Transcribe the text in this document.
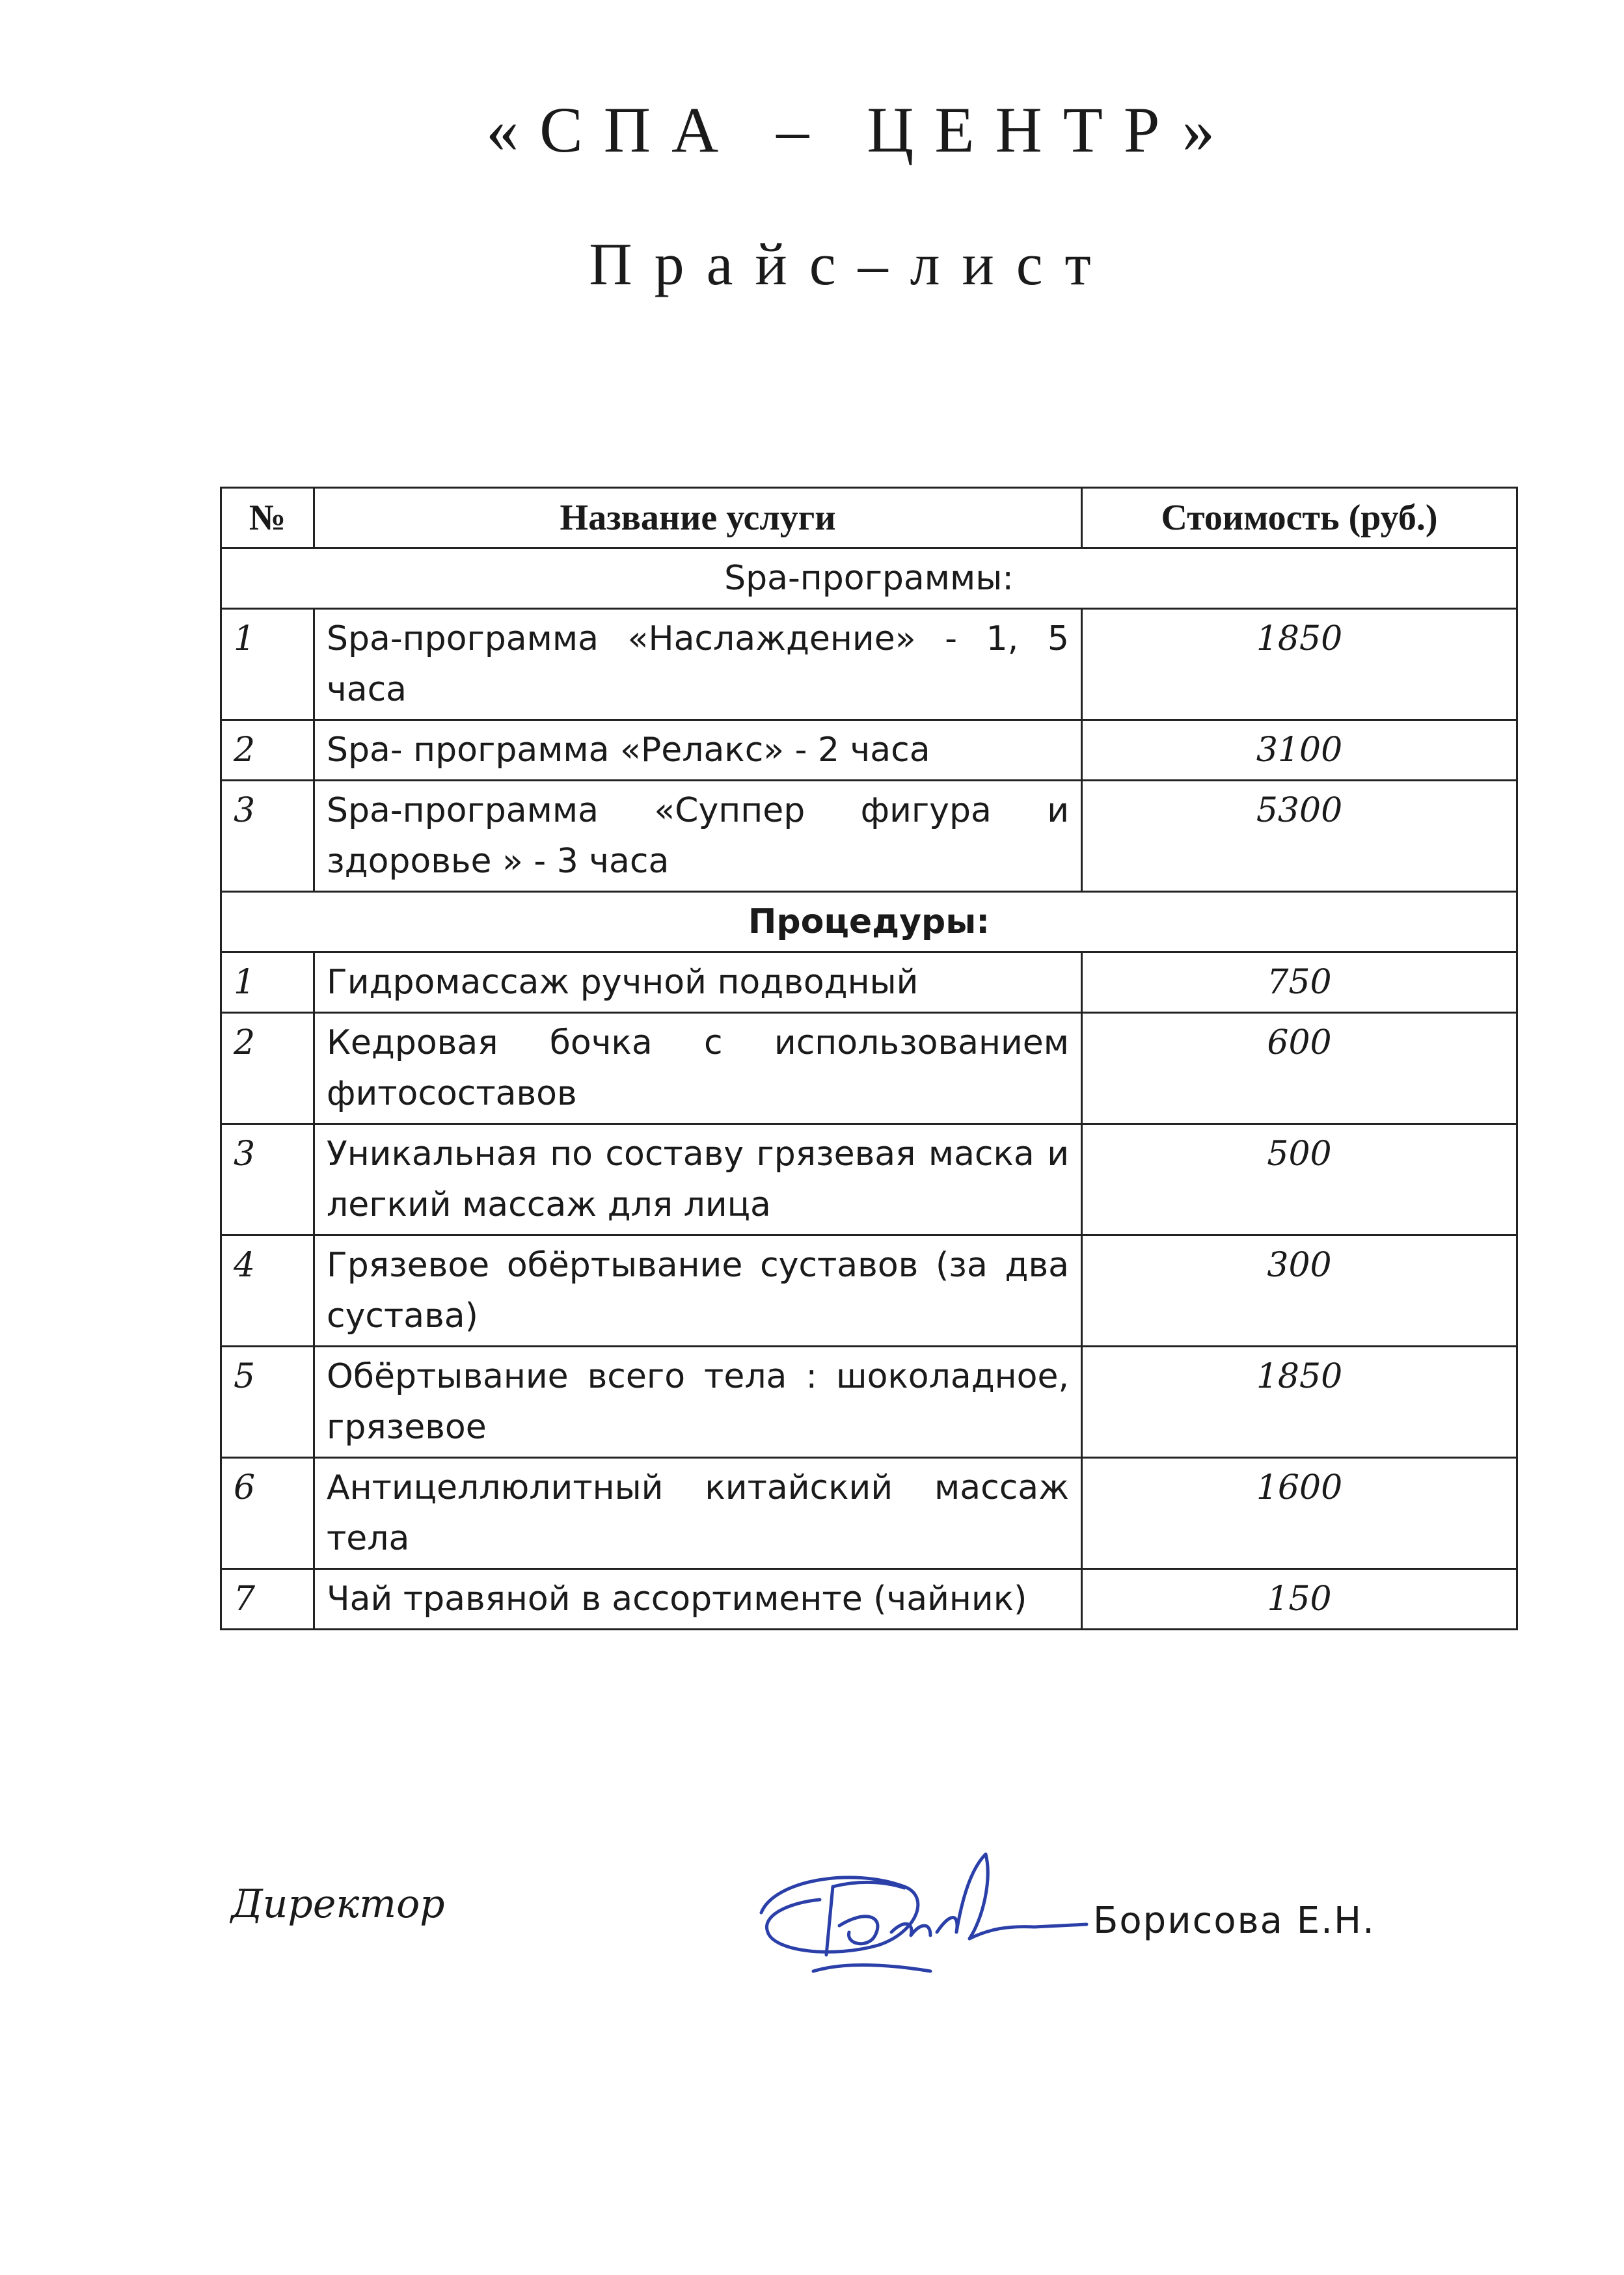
«СПА – ЦЕНТР»
Прайс–лист
№	Название услуги	Стоимость (руб.)
Spa-программы:		
1	Spa-программа «Наслаждение» - 1, 5 часа	1850
2	Spa- программа «Релакс» - 2 часа	3100
3	Spa-программа «Суппер фигура и здоровье » - 3 часа	5300
Процедуры:		
1	Гидромассаж ручной подводный	750
2	Кедровая бочка с использованием фитосоставов	600
3	Уникальная по составу грязевая маска и легкий массаж для лица	500
4	Грязевое обёртывание суставов (за два сустава)	300
5	Обёртывание всего тела : шоколадное, грязевое	1850
6	Антицеллюлитный китайский массаж тела	1600
7	Чай травяной в ассортименте (чайник)	150
Директор	Борисова Е.Н.
